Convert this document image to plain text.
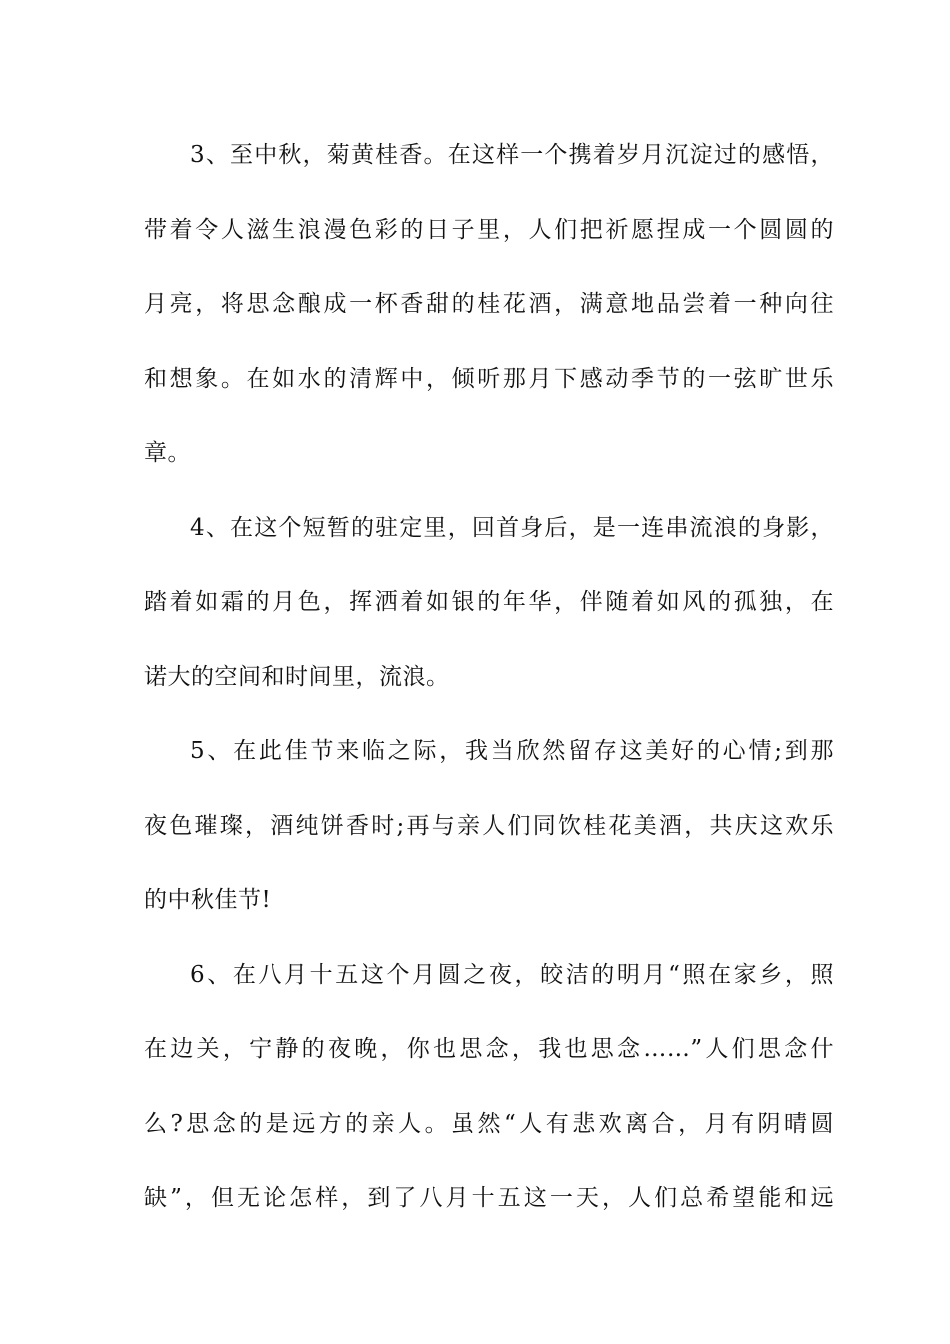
3、至中秋，菊黄桂香。在这样一个携着岁月沉淀过的感悟，
带着令人滋生浪漫色彩的日子里，人们把祈愿捏成一个圆圆的
月亮，将思念酿成一杯香甜的桂花酒，满意地品尝着一种向往
和想象。在如水的清辉中，倾听那月下感动季节的一弦旷世乐
章。

4、在这个短暂的驻定里，回首身后，是一连串流浪的身影，
踏着如霜的月色，挥洒着如银的年华，伴随着如风的孤独，在
诺大的空间和时间里，流浪。

5、在此佳节来临之际，我当欣然留存这美好的心情;到那
夜色璀璨，酒纯饼香时;再与亲人们同饮桂花美酒，共庆这欢乐
的中秋佳节!

6、在八月十五这个月圆之夜，皎洁的明月“照在家乡，照
在边关，宁静的夜晚，你也思念，我也思念……”人们思念什
么?思念的是远方的亲人。虽然“人有悲欢离合，月有阴晴圆
缺”，但无论怎样，到了八月十五这一天，人们总希望能和远
